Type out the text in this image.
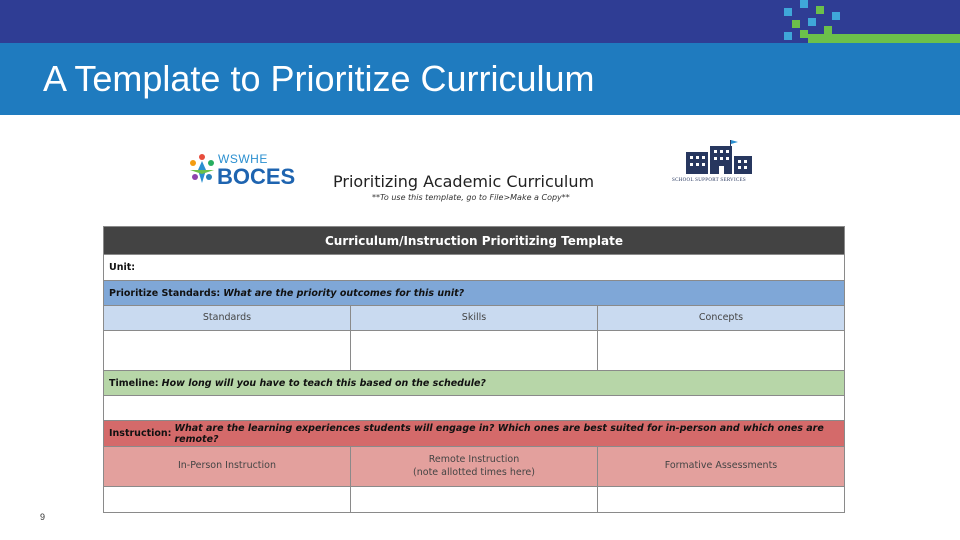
A Template to Prioritize Curriculum
WSWHE
BOCES Prioritizing Academic Curriculum
**To use this template, go to File>Make a Copy**
SCHOOL SUPPORT SERVICES
Curriculum/Instruction Prioritizing Template
Unit:
Prioritize Standards:
What are the priority outcomes for this unit?
Standards	Skills	Concepts
Timeline:
How long will you have to teach this based on the schedule?
Instruction:
What are the learning experiences students will engage in? Which ones are best suited for in-person and which ones are remote?
In-Person Instruction
Remote Instruction
(note allotted times here)
Formative Assessments
9
